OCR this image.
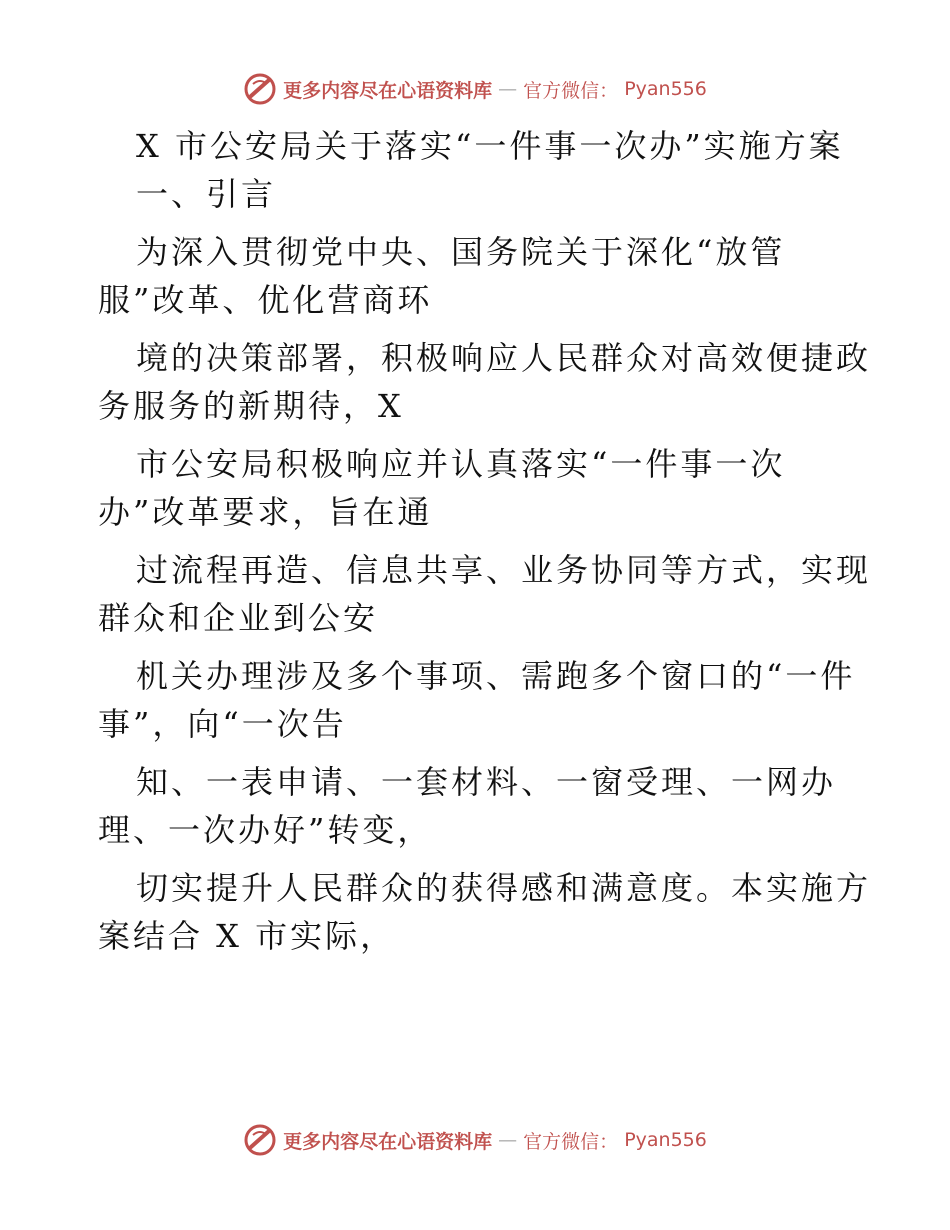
更多内容尽在心语资料库 — 官方微信： Pyan556

X 市公安局关于落实“一件事一次办”实施方案

一、引言

为深入贯彻党中央、国务院关于深化“放管

服”改革、优化营商环

境的决策部署，积极响应人民群众对高效便捷政

务服务的新期待，X

市公安局积极响应并认真落实“一件事一次

办”改革要求，旨在通

过流程再造、信息共享、业务协同等方式，实现

群众和企业到公安

机关办理涉及多个事项、需跑多个窗口的“一件

事”，向“一次告

知、一表申请、一套材料、一窗受理、一网办

理、一次办好”转变，

切实提升人民群众的获得感和满意度。本实施方

案结合 X 市实际，

更多内容尽在心语资料库 — 官方微信： Pyan556
